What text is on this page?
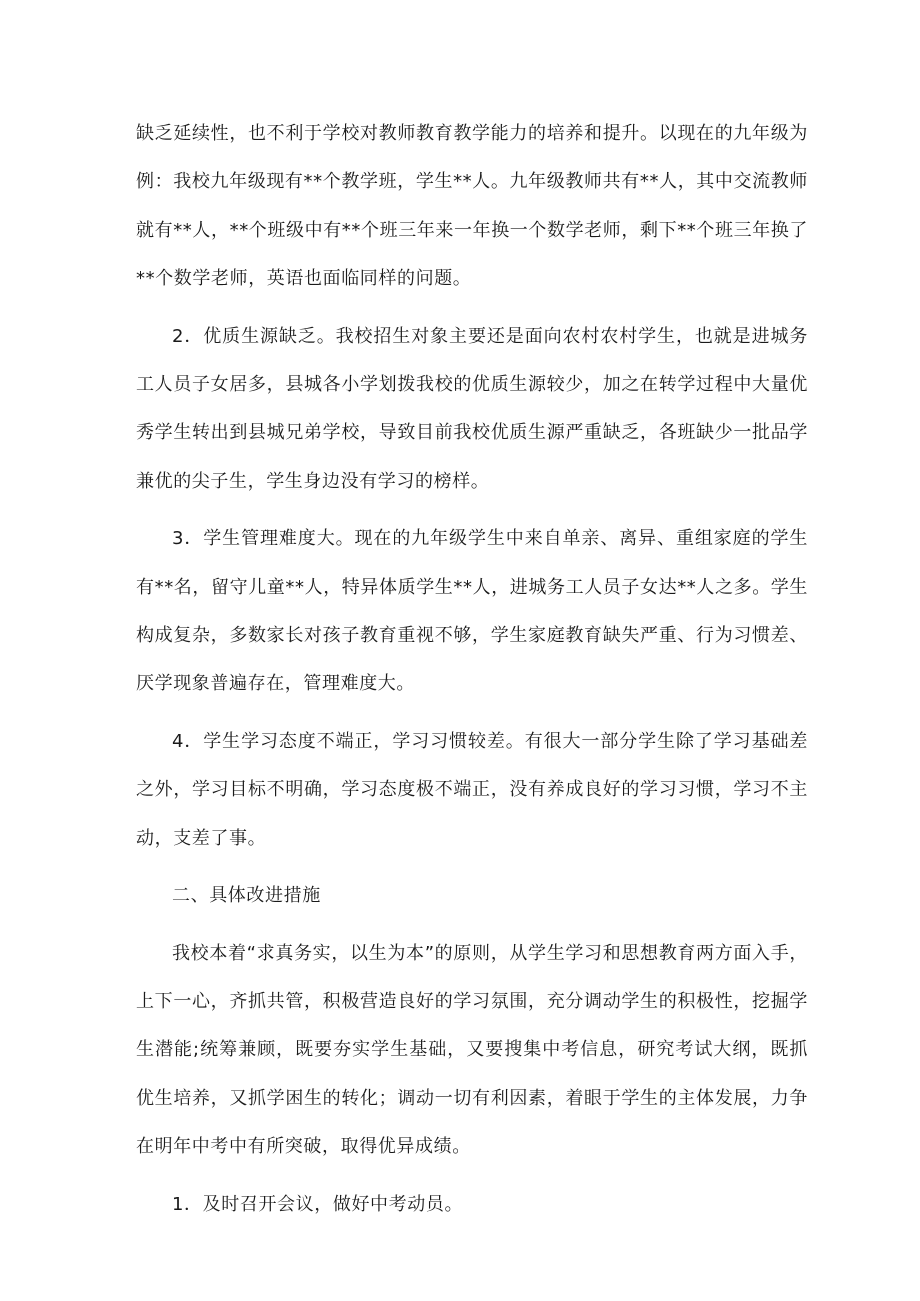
缺乏延续性，也不利于学校对教师教育教学能力的培养和提升。以现在的九年级为例：我校九年级现有**个教学班，学生**人。九年级教师共有**人，其中交流教师就有**人，**个班级中有**个班三年来一年换一个数学老师，剩下**个班三年换了**个数学老师，英语也面临同样的问题。

2．优质生源缺乏。我校招生对象主要还是面向农村农村学生，也就是进城务工人员子女居多，县城各小学划拨我校的优质生源较少，加之在转学过程中大量优秀学生转出到县城兄弟学校，导致目前我校优质生源严重缺乏，各班缺少一批品学兼优的尖子生，学生身边没有学习的榜样。

3．学生管理难度大。现在的九年级学生中来自单亲、离异、重组家庭的学生有**名，留守儿童**人，特异体质学生**人，进城务工人员子女达**人之多。学生构成复杂，多数家长对孩子教育重视不够，学生家庭教育缺失严重、行为习惯差、厌学现象普遍存在，管理难度大。

4．学生学习态度不端正，学习习惯较差。有很大一部分学生除了学习基础差之外，学习目标不明确，学习态度极不端正，没有养成良好的学习习惯，学习不主动，支差了事。

二、具体改进措施

我校本着“求真务实，以生为本”的原则，从学生学习和思想教育两方面入手，上下一心，齐抓共管，积极营造良好的学习氛围，充分调动学生的积极性，挖掘学生潜能;统筹兼顾，既要夯实学生基础，又要搜集中考信息，研究考试大纲，既抓优生培养，又抓学困生的转化；调动一切有利因素，着眼于学生的主体发展，力争在明年中考中有所突破，取得优异成绩。

1．及时召开会议，做好中考动员。
